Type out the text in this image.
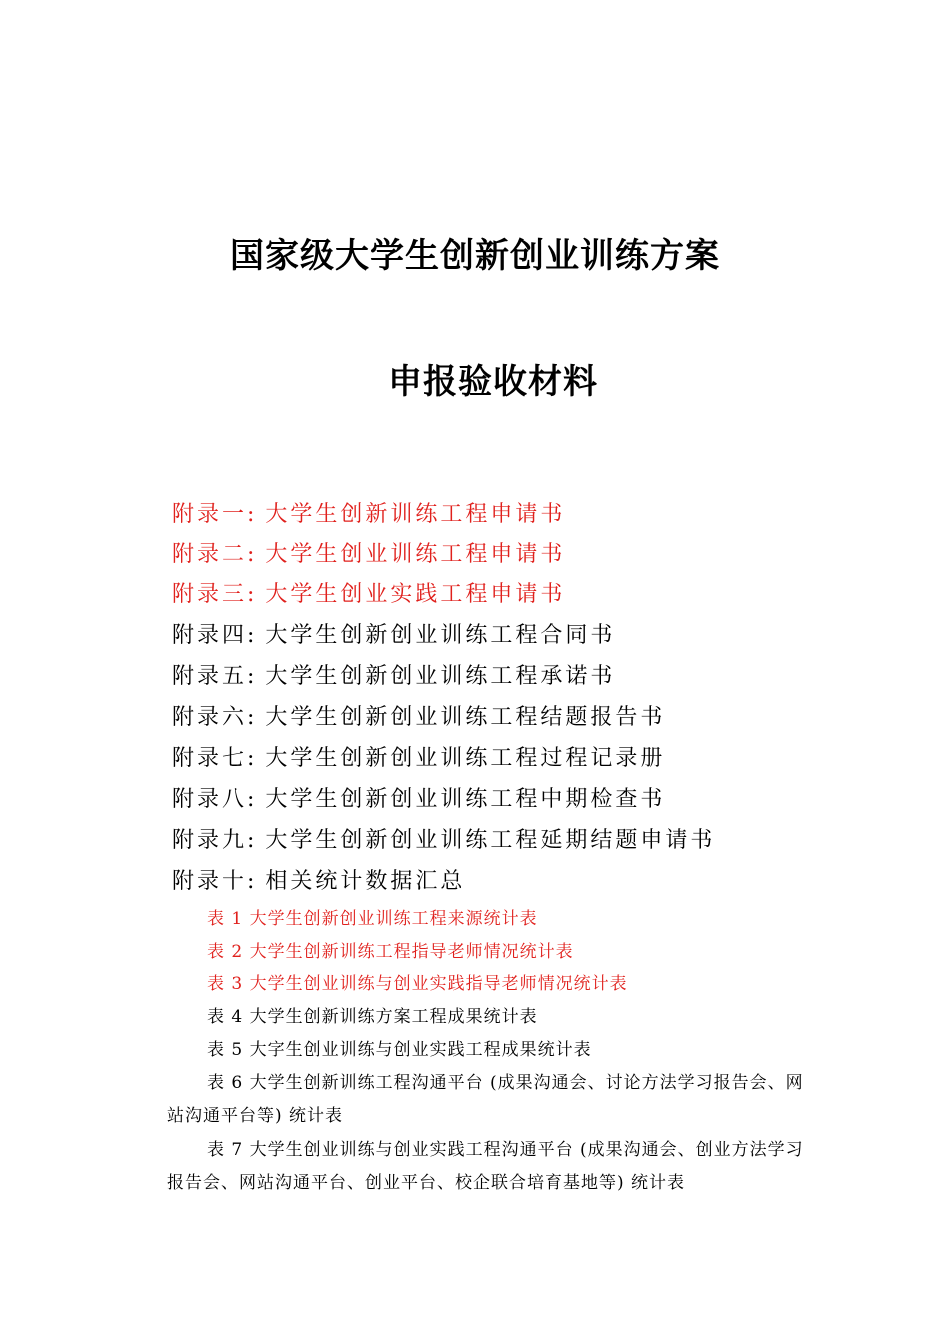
国家级大学生创新创业训练方案
申报验收材料
附录一: 大学生创新训练工程申请书
附录二: 大学生创业训练工程申请书
附录三: 大学生创业实践工程申请书
附录四: 大学生创新创业训练工程合同书
附录五: 大学生创新创业训练工程承诺书
附录六: 大学生创新创业训练工程结题报告书
附录七: 大学生创新创业训练工程过程记录册
附录八: 大学生创新创业训练工程中期检查书
附录九: 大学生创新创业训练工程延期结题申请书
附录十: 相关统计数据汇总
表 1 大学生创新创业训练工程来源统计表
表 2 大学生创新训练工程指导老师情况统计表
表 3 大学生创业训练与创业实践指导老师情况统计表
表 4 大学生创新训练方案工程成果统计表
表 5 大字生创业训练与创业实践工程成果统计表
表 6 大学生创新训练工程沟通平台 (成果沟通会、讨论方法学习报告会、网站沟通平台等) 统计表
表 7 大学生创业训练与创业实践工程沟通平台 (成果沟通会、创业方法学习报告会、网站沟通平台、创业平台、校企联合培育基地等) 统计表
